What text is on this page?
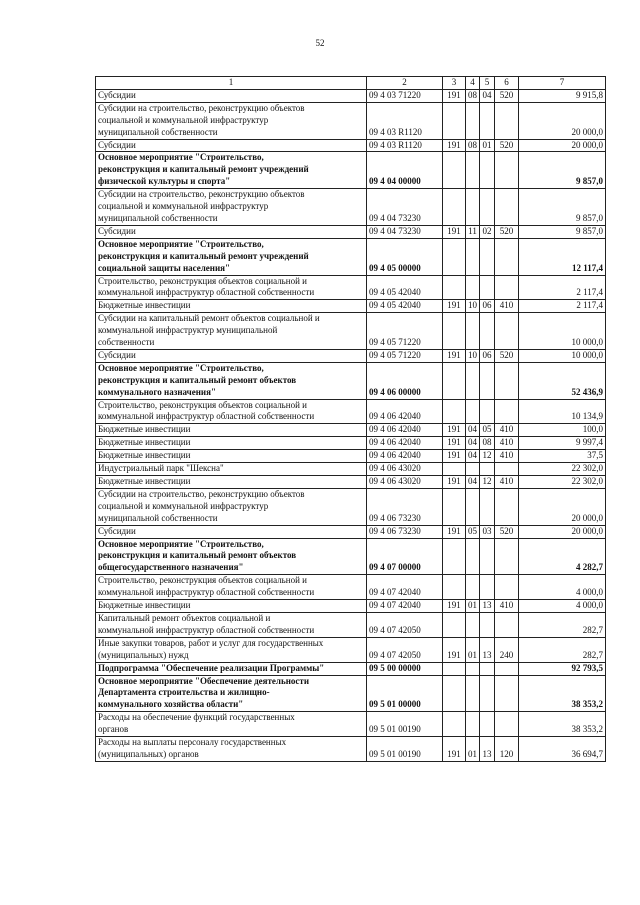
52
1	2	3	4	5	6	7

Субсидии	09 4 03 71220	191	08	04	520	9 915,8

Субсидии на строительство, реконструкцию объектов
социальной и коммунальной инфраструктур
муниципальной собственности	09 4 03 R1120					20 000,0

Субсидии	09 4 03 R1120	191	08	01	520	20 000,0

Основное мероприятие "Строительство,
реконструкция и капитальный ремонт учреждений
физической культуры и спорта"	09 4 04 00000					9 857,0

Субсидии на строительство, реконструкцию объектов
социальной и коммунальной инфраструктур
муниципальной собственности	09 4 04 73230					9 857,0

Субсидии	09 4 04 73230	191	11	02	520	9 857,0

Основное мероприятие "Строительство,
реконструкция и капитальный ремонт учреждений
социальной защиты населения"	09 4 05 00000					12 117,4

Строительство, реконструкция объектов социальной и
коммунальной инфраструктур областной собственности	09 4 05 42040					2 117,4

Бюджетные инвестиции	09 4 05 42040	191	10	06	410	2 117,4

Субсидии на капитальный ремонт объектов социальной и
коммунальной инфраструктур муниципальной
собственности	09 4 05 71220					10 000,0

Субсидии	09 4 05 71220	191	10	06	520	10 000,0

Основное мероприятие "Строительство,
реконструкция и капитальный ремонт объектов
коммунального назначения"	09 4 06 00000					52 436,9

Строительство, реконструкция объектов социальной и
коммунальной инфраструктур областной собственности	09 4 06 42040					10 134,9

Бюджетные инвестиции	09 4 06 42040	191	04	05	410	100,0

Бюджетные инвестиции	09 4 06 42040	191	04	08	410	9 997,4

Бюджетные инвестиции	09 4 06 42040	191	04	12	410	37,5

Индустриальный парк "Шексна"	09 4 06 43020					22 302,0

Бюджетные инвестиции	09 4 06 43020	191	04	12	410	22 302,0

Субсидии на строительство, реконструкцию объектов
социальной и коммунальной инфраструктур
муниципальной собственности	09 4 06 73230					20 000,0

Субсидии	09 4 06 73230	191	05	03	520	20 000,0

Основное мероприятие "Строительство,
реконструкция и капитальный ремонт объектов
общегосударственного назначения"	09 4 07 00000					4 282,7

Строительство, реконструкция объектов социальной и
коммунальной инфраструктур областной собственности	09 4 07 42040					4 000,0

Бюджетные инвестиции	09 4 07 42040	191	01	13	410	4 000,0

Капитальный ремонт объектов социальной и
коммунальной инфраструктур областной собственности	09 4 07 42050					282,7

Иные закупки товаров, работ и услуг для государственных
(муниципальных) нужд	09 4 07 42050	191	01	13	240	282,7

Подпрограмма "Обеспечение реализации Программы"	09 5 00 00000					92 793,5

Основное мероприятие "Обеспечение деятельности
Департамента строительства и жилищно-
коммунального хозяйства области"	09 5 01 00000					38 353,2

Расходы на обеспечение функций государственных
органов	09 5 01 00190					38 353,2

Расходы на выплаты персоналу государственных
(муниципальных) органов	09 5 01 00190	191	01	13	120	36 694,7
